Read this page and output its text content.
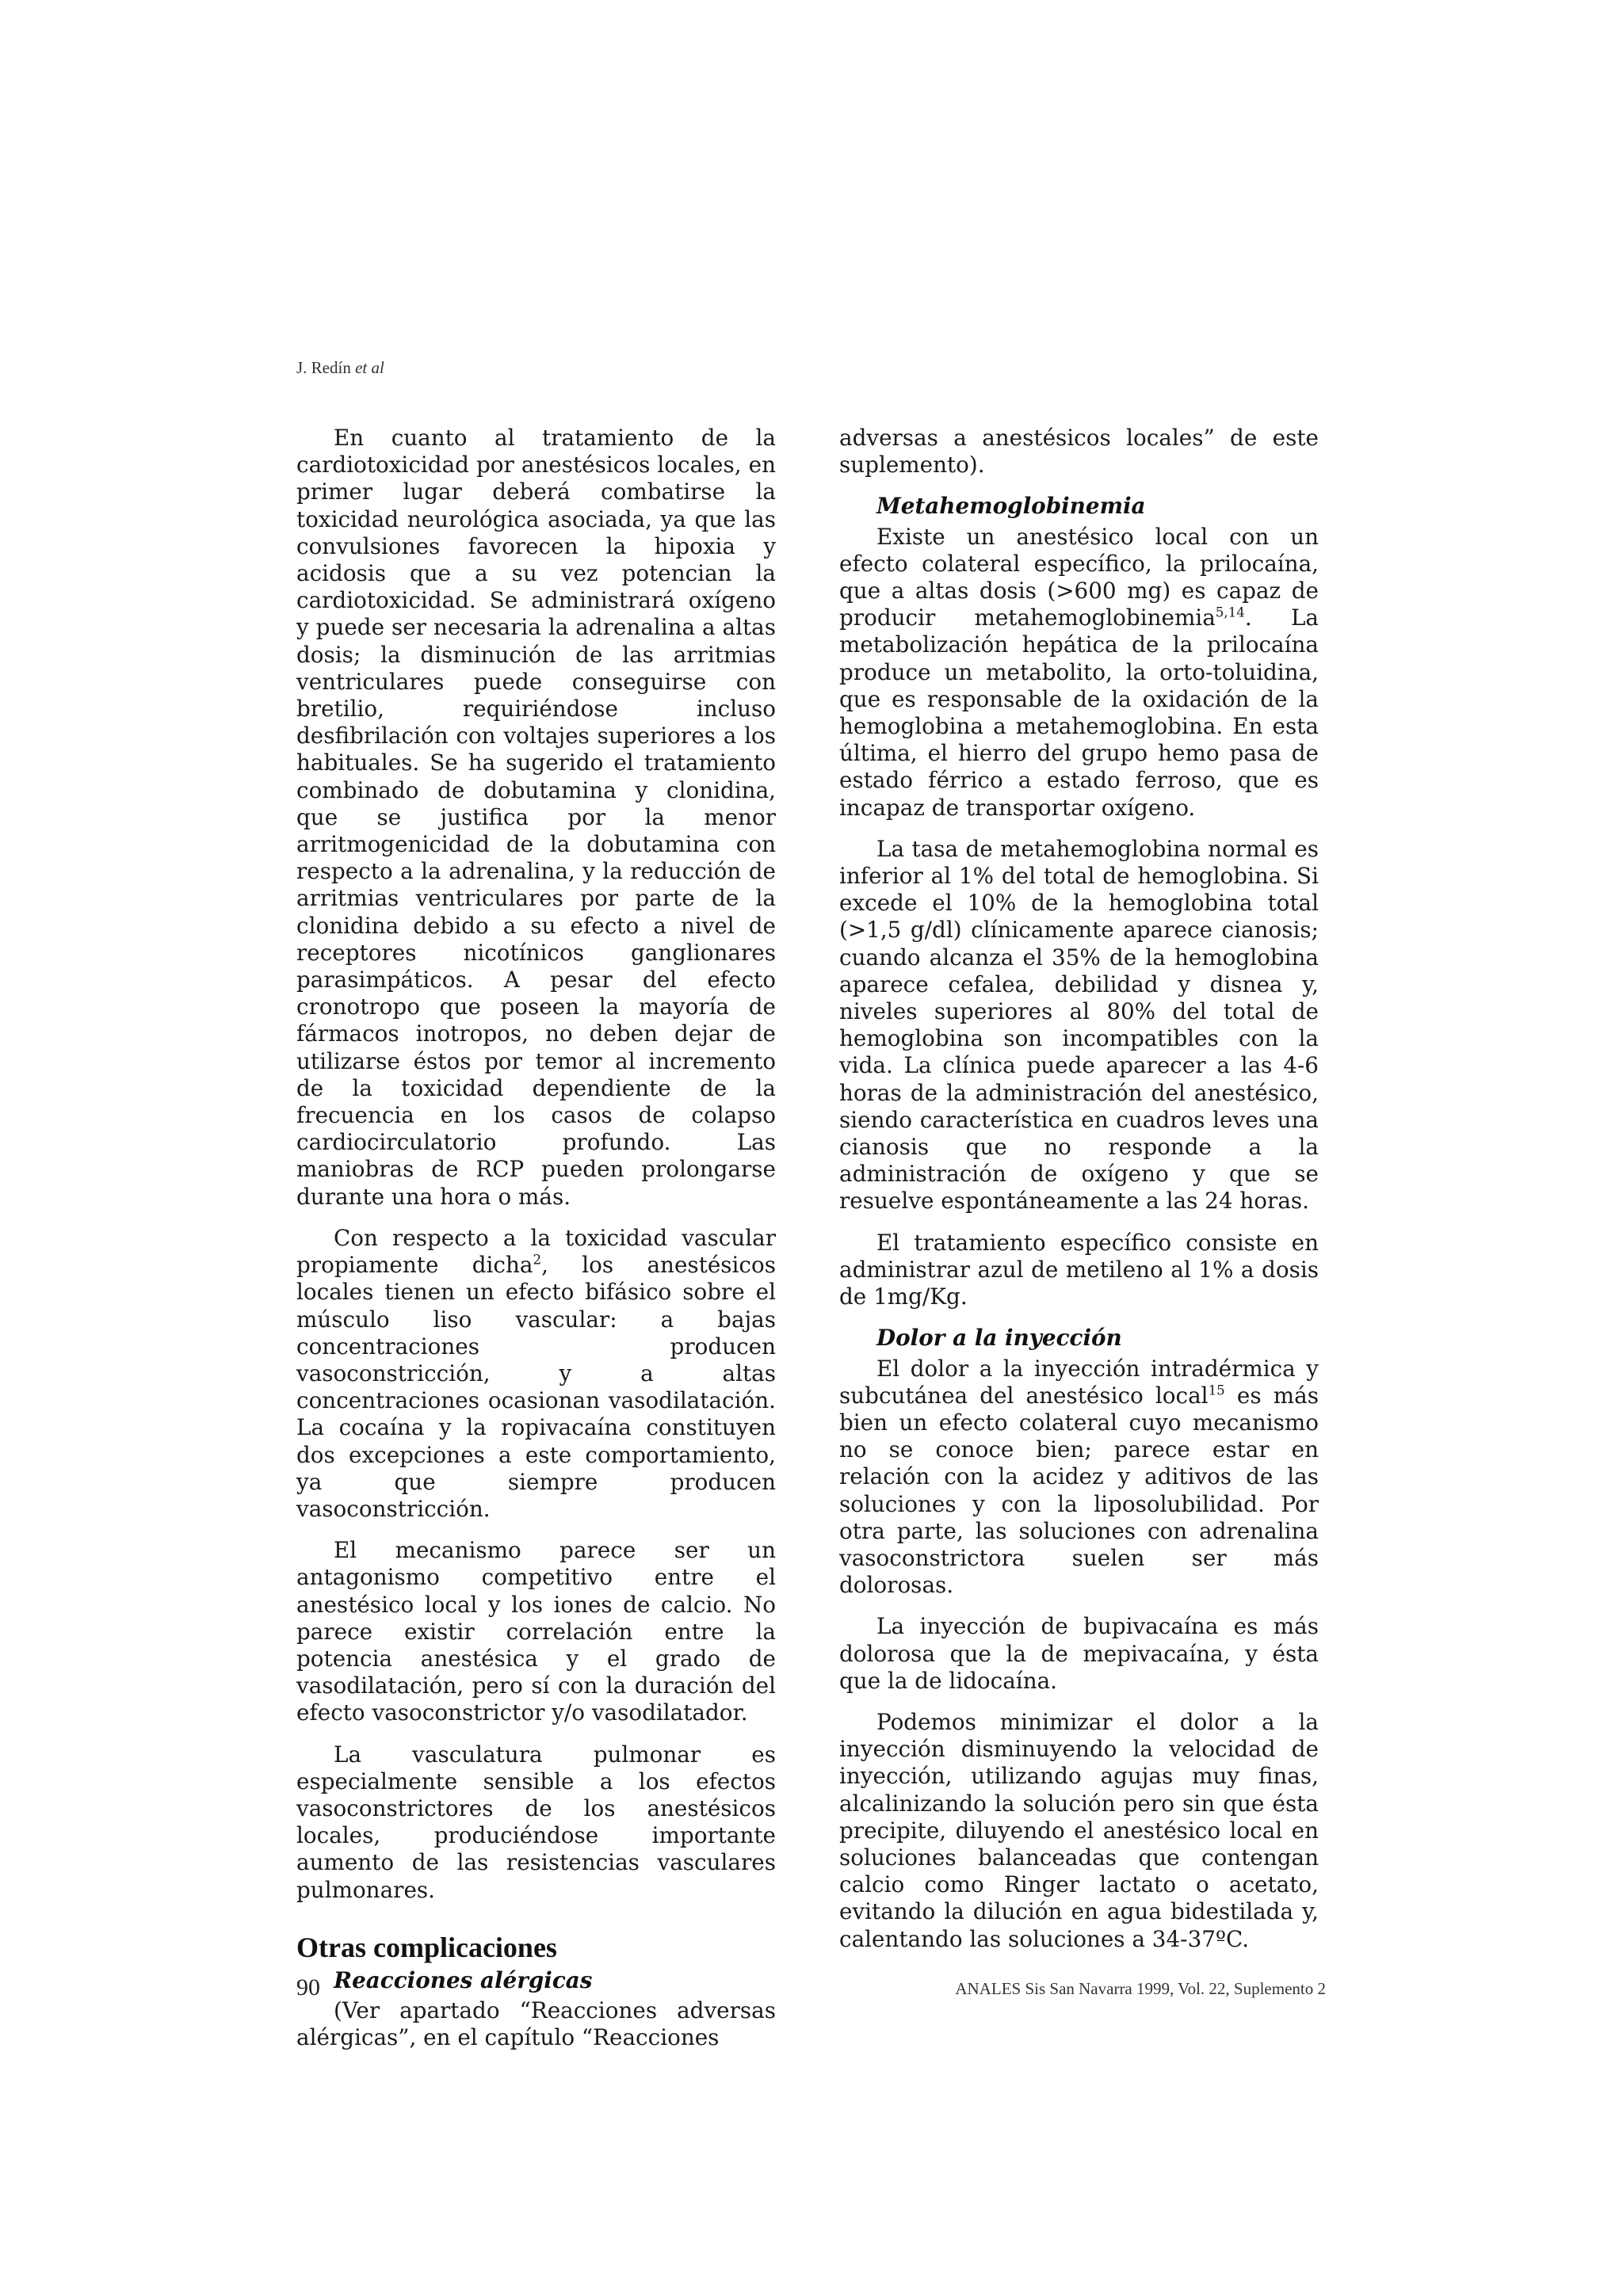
J. Redín et al

En cuanto al tratamiento de la cardiotoxicidad por anestésicos locales, en primer lugar deberá combatirse la toxicidad neurológica asociada, ya que las convulsiones favorecen la hipoxia y acidosis que a su vez potencian la cardiotoxicidad. Se administrará oxígeno y puede ser necesaria la adrenalina a altas dosis; la disminución de las arritmias ventriculares puede conseguirse con bretilio, requiriéndose incluso desfibrilación con voltajes superiores a los habituales. Se ha sugerido el tratamiento combinado de dobutamina y clonidina, que se justifica por la menor arritmogenicidad de la dobutamina con respecto a la adrenalina, y la reducción de arritmias ventriculares por parte de la clonidina debido a su efecto a nivel de receptores nicotínicos ganglionares parasimpáticos. A pesar del efecto cronotropo que poseen la mayoría de fármacos inotropos, no deben dejar de utilizarse éstos por temor al incremento de la toxicidad dependiente de la frecuencia en los casos de colapso cardiocirculatorio profundo. Las maniobras de RCP pueden prolongarse durante una hora o más.

Con respecto a la toxicidad vascular propiamente dicha$^2$, los anestésicos locales tienen un efecto bifásico sobre el músculo liso vascular: a bajas concentraciones producen vasoconstricción, y a altas concentraciones ocasionan vasodilatación. La cocaína y la ropivacaína constituyen dos excepciones a este comportamiento, ya que siempre producen vasoconstricción.

El mecanismo parece ser un antagonismo competitivo entre el anestésico local y los iones de calcio. No parece existir correlación entre la potencia anestésica y el grado de vasodilatación, pero sí con la duración del efecto vasoconstrictor y/o vasodilatador.

La vasculatura pulmonar es especialmente sensible a los efectos vasoconstrictores de los anestésicos locales, produciéndose importante aumento de las resistencias vasculares pulmonares.

Otras complicaciones
Reacciones alérgicas

(Ver apartado “Reacciones adversas alérgicas”, en el capítulo “Reacciones

adversas a anestésicos locales” de este suplemento).

Metahemoglobinemia

Existe un anestésico local con un efecto colateral específico, la prilocaína, que a altas dosis (>600 mg) es capaz de producir metahemoglobinemia$^{5,14}$. La metabolización hepática de la prilocaína produce un metabolito, la orto-toluidina, que es responsable de la oxidación de la hemoglobina a metahemoglobina. En esta última, el hierro del grupo hemo pasa de estado férrico a estado ferroso, que es incapaz de transportar oxígeno.

La tasa de metahemoglobina normal es inferior al 1% del total de hemoglobina. Si excede el 10% de la hemoglobina total (>1,5 g/dl) clínicamente aparece cianosis; cuando alcanza el 35% de la hemoglobina aparece cefalea, debilidad y disnea y, niveles superiores al 80% del total de hemoglobina son incompatibles con la vida. La clínica puede aparecer a las 4-6 horas de la administración del anestésico, siendo característica en cuadros leves una cianosis que no responde a la administración de oxígeno y que se resuelve espontáneamente a las 24 horas.

El tratamiento específico consiste en administrar azul de metileno al 1% a dosis de 1mg/Kg.

Dolor a la inyección

El dolor a la inyección intradérmica y subcutánea del anestésico local$^{15}$ es más bien un efecto colateral cuyo mecanismo no se conoce bien; parece estar en relación con la acidez y aditivos de las soluciones y con la liposolubilidad. Por otra parte, las soluciones con adrenalina vasoconstrictora suelen ser más dolorosas.

La inyección de bupivacaína es más dolorosa que la de mepivacaína, y ésta que la de lidocaína.

Podemos minimizar el dolor a la inyección disminuyendo la velocidad de inyección, utilizando agujas muy finas, alcalinizando la solución pero sin que ésta precipite, diluyendo el anestésico local en soluciones balanceadas que contengan calcio como Ringer lactato o acetato, evitando la dilución en agua bidestilada y, calentando las soluciones a 34-37ºC.

90	ANALES Sis San Navarra 1999, Vol. 22, Suplemento 2
